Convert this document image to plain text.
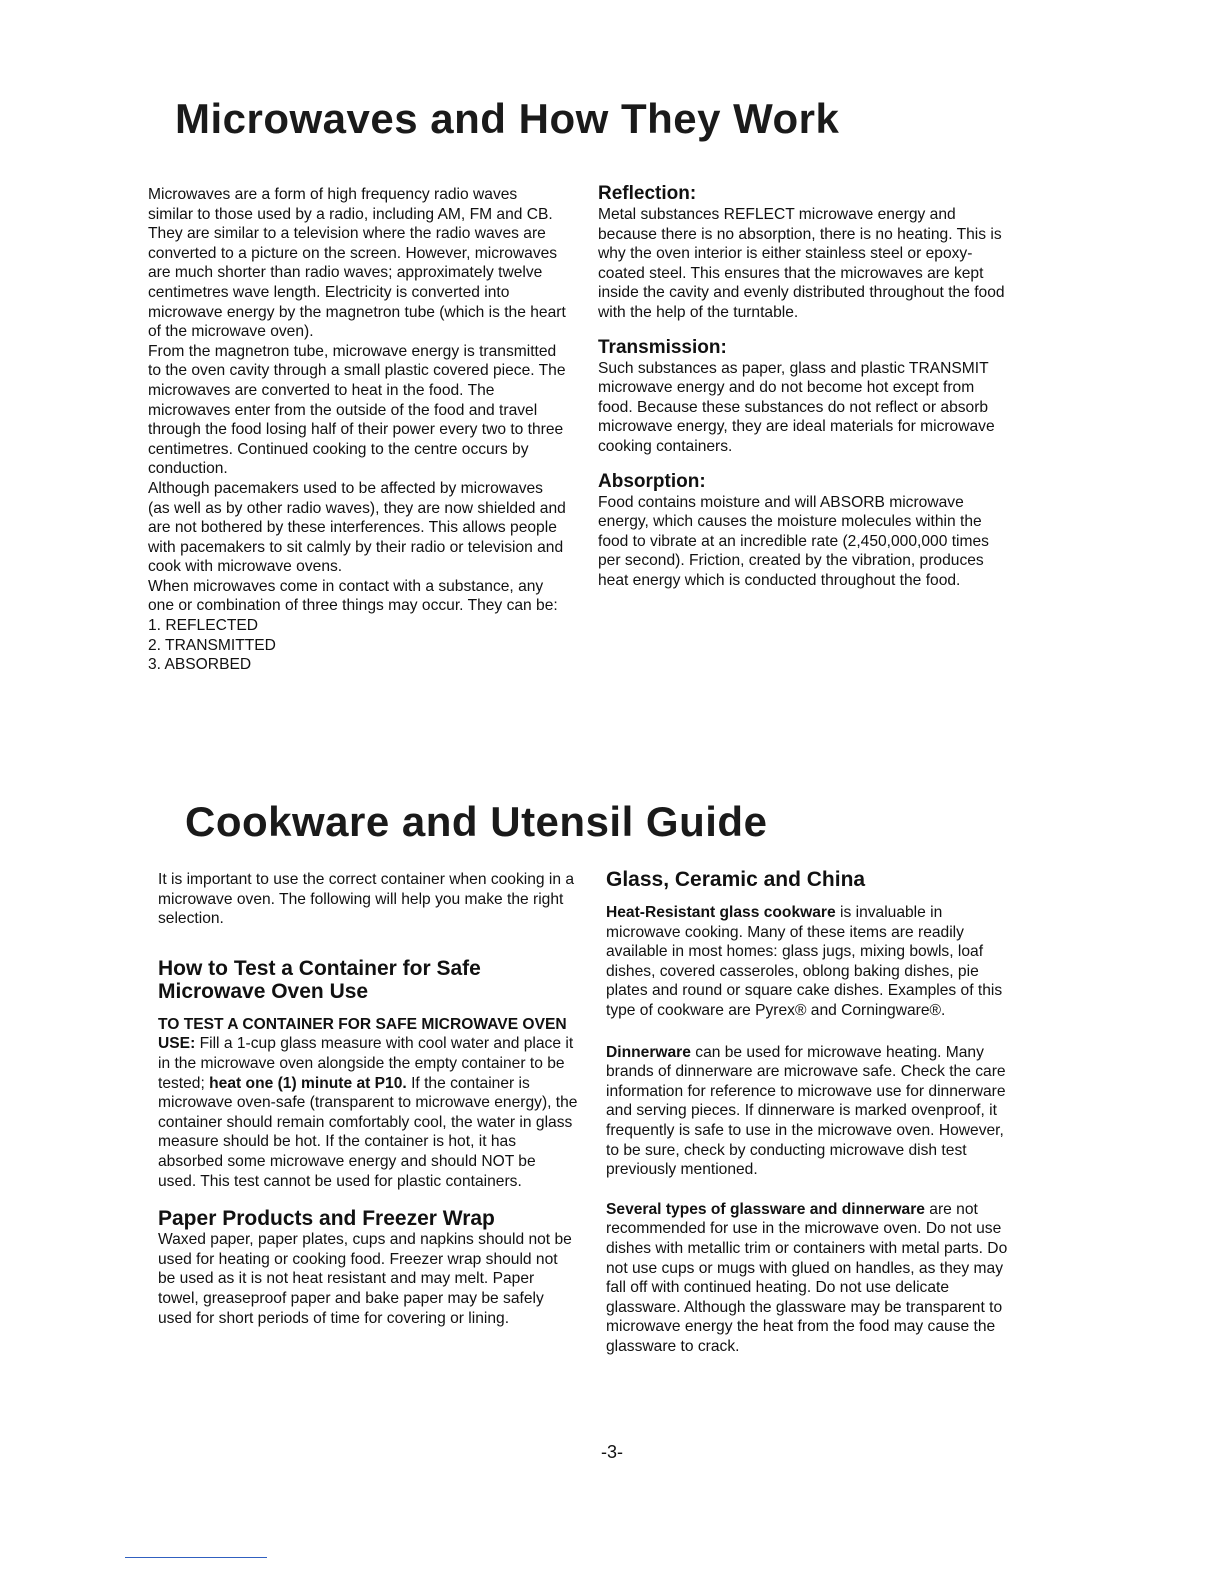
Microwaves and How They Work

Microwaves are a form of high frequency radio waves similar to those used by a radio, including AM, FM and CB. They are similar to a television where the radio waves are converted to a picture on the screen. However, microwaves are much shorter than radio waves; approximately twelve centimetres wave length. Electricity is converted into microwave energy by the magnetron tube (which is the heart of the microwave oven).

From the magnetron tube, microwave energy is transmitted to the oven cavity through a small plastic covered piece. The microwaves are converted to heat in the food. The microwaves enter from the outside of the food and travel through the food losing half of their power every two to three centimetres. Continued cooking to the centre occurs by conduction.

Although pacemakers used to be affected by microwaves (as well as by other radio waves), they are now shielded and are not bothered by these interferences. This allows people with pacemakers to sit calmly by their radio or television and cook with microwave ovens.

When microwaves come in contact with a substance, any one or combination of three things may occur. They can be:

1. REFLECTED
2. TRANSMITTED
3. ABSORBED
Reflection:

Metal substances REFLECT microwave energy and because there is no absorption, there is no heating. This is why the oven interior is either stainless steel or epoxy-coated steel. This ensures that the microwaves are kept inside the cavity and evenly distributed throughout the food with the help of the turntable.

Transmission:

Such substances as paper, glass and plastic TRANSMIT microwave energy and do not become hot except from food. Because these substances do not reflect or absorb microwave energy, they are ideal materials for microwave cooking containers.

Absorption:

Food contains moisture and will ABSORB microwave energy, which causes the moisture molecules within the food to vibrate at an incredible rate (2,450,000,000 times per second). Friction, created by the vibration, produces heat energy which is conducted throughout the food.

Cookware and Utensil Guide

It is important to use the correct container when cooking in a microwave oven. The following will help you make the right selection.

How to Test a Container for Safe Microwave Oven Use

TO TEST A CONTAINER FOR SAFE MICROWAVE OVEN USE: Fill a 1-cup glass measure with cool water and place it in the microwave oven alongside the empty container to be tested; heat one (1) minute at P10. If the container is microwave oven-safe (transparent to microwave energy), the container should remain comfortably cool, the water in glass measure should be hot. If the container is hot, it has absorbed some microwave energy and should NOT be used. This test cannot be used for plastic containers.

Paper Products and Freezer Wrap

Waxed paper, paper plates, cups and napkins should not be used for heating or cooking food. Freezer wrap should not be used as it is not heat resistant and may melt. Paper towel, greaseproof paper and bake paper may be safely used for short periods of time for covering or lining.

Glass, Ceramic and China

Heat-Resistant glass cookware is invaluable in microwave cooking. Many of these items are readily available in most homes: glass jugs, mixing bowls, loaf dishes, covered casseroles, oblong baking dishes, pie plates and round or square cake dishes. Examples of this type of cookware are Pyrex® and Corningware®.

Dinnerware can be used for microwave heating. Many brands of dinnerware are microwave safe. Check the care information for reference to microwave use for dinnerware and serving pieces. If dinnerware is marked ovenproof, it frequently is safe to use in the microwave oven. However, to be sure, check by conducting microwave dish test previously mentioned.

Several types of glassware and dinnerware are not recommended for use in the microwave oven. Do not use dishes with metallic trim or containers with metal parts. Do not use cups or mugs with glued on handles, as they may fall off with continued heating. Do not use delicate glassware. Although the glassware may be transparent to microwave energy the heat from the food may cause the glassware to crack.

-3-
